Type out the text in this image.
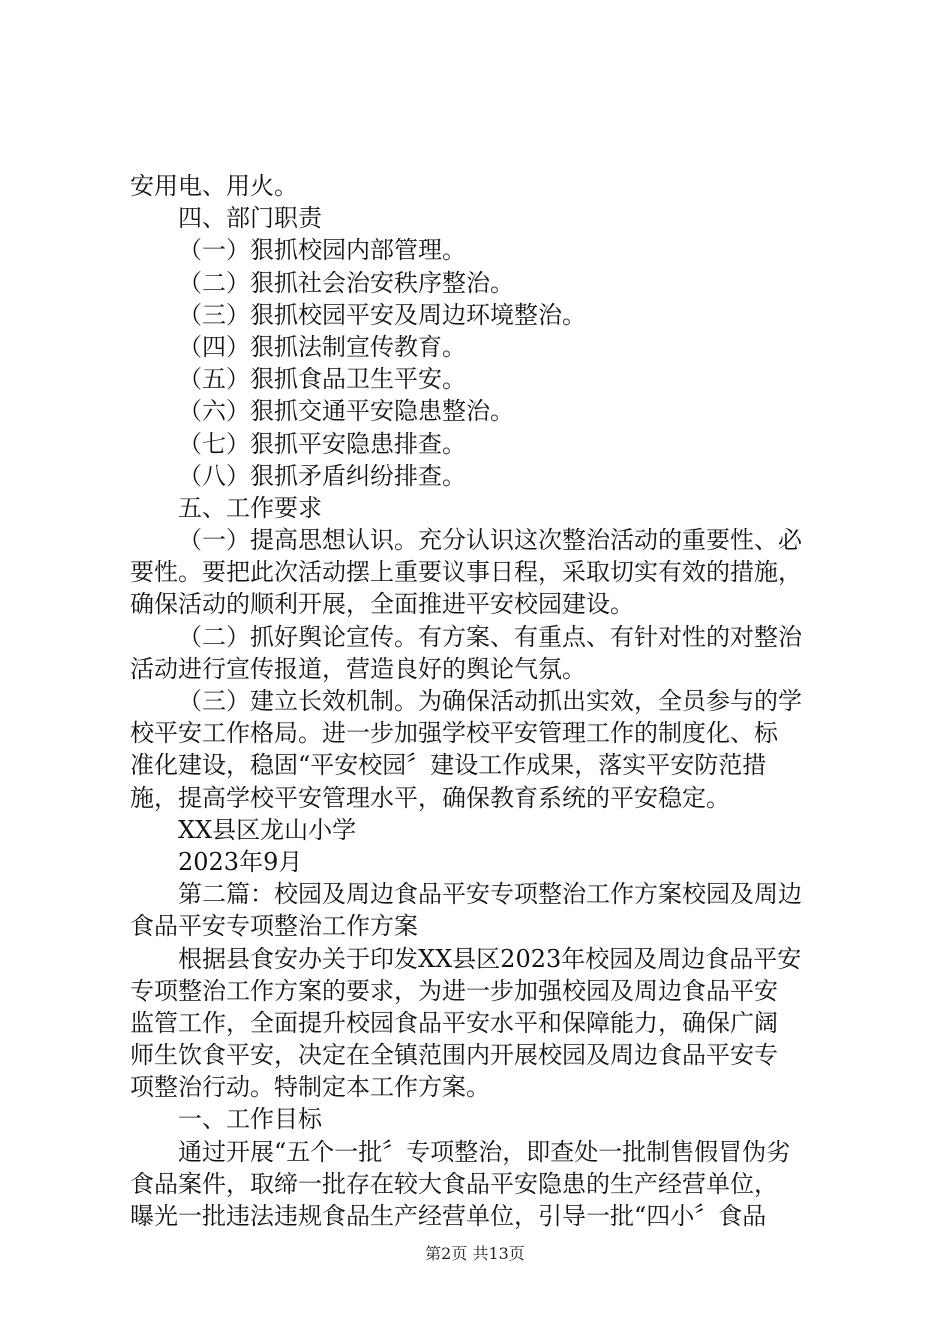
安用电、用火。

四、部门职责

（一）狠抓校园内部管理。

（二）狠抓社会治安秩序整治。

（三）狠抓校园平安及周边环境整治。

（四）狠抓法制宣传教育。

（五）狠抓食品卫生平安。

（六）狠抓交通平安隐患整治。

（七）狠抓平安隐患排查。

（八）狠抓矛盾纠纷排查。

五、工作要求

（一）提高思想认识。充分认识这次整治活动的重要性、必

要性。要把此次活动摆上重要议事日程，采取切实有效的措施，

确保活动的顺利开展，全面推进平安校园建设。

（二）抓好舆论宣传。有方案、有重点、有针对性的对整治

活动进行宣传报道，营造良好的舆论气氛。

（三）建立长效机制。为确保活动抓出实效，全员参与的学

校平安工作格局。进一步加强学校平安管理工作的制度化、标

准化建设，稳固“平安校园〞建设工作成果，落实平安防范措

施，提高学校平安管理水平，确保教育系统的平安稳定。

XX县区龙山小学

2023年9月

第二篇：校园及周边食品平安专项整治工作方案校园及周边

食品平安专项整治工作方案

根据县食安办关于印发XX县区2023年校园及周边食品平安

专项整治工作方案的要求，为进一步加强校园及周边食品平安

监管工作，全面提升校园食品平安水平和保障能力，确保广阔

师生饮食平安，决定在全镇范围内开展校园及周边食品平安专

项整治行动。特制定本工作方案。

一、工作目标

通过开展“五个一批〞专项整治，即查处一批制售假冒伪劣

食品案件，取缔一批存在较大食品平安隐患的生产经营单位，

曝光一批违法违规食品生产经营单位，引导一批“四小〞食品

第2页 共13页
